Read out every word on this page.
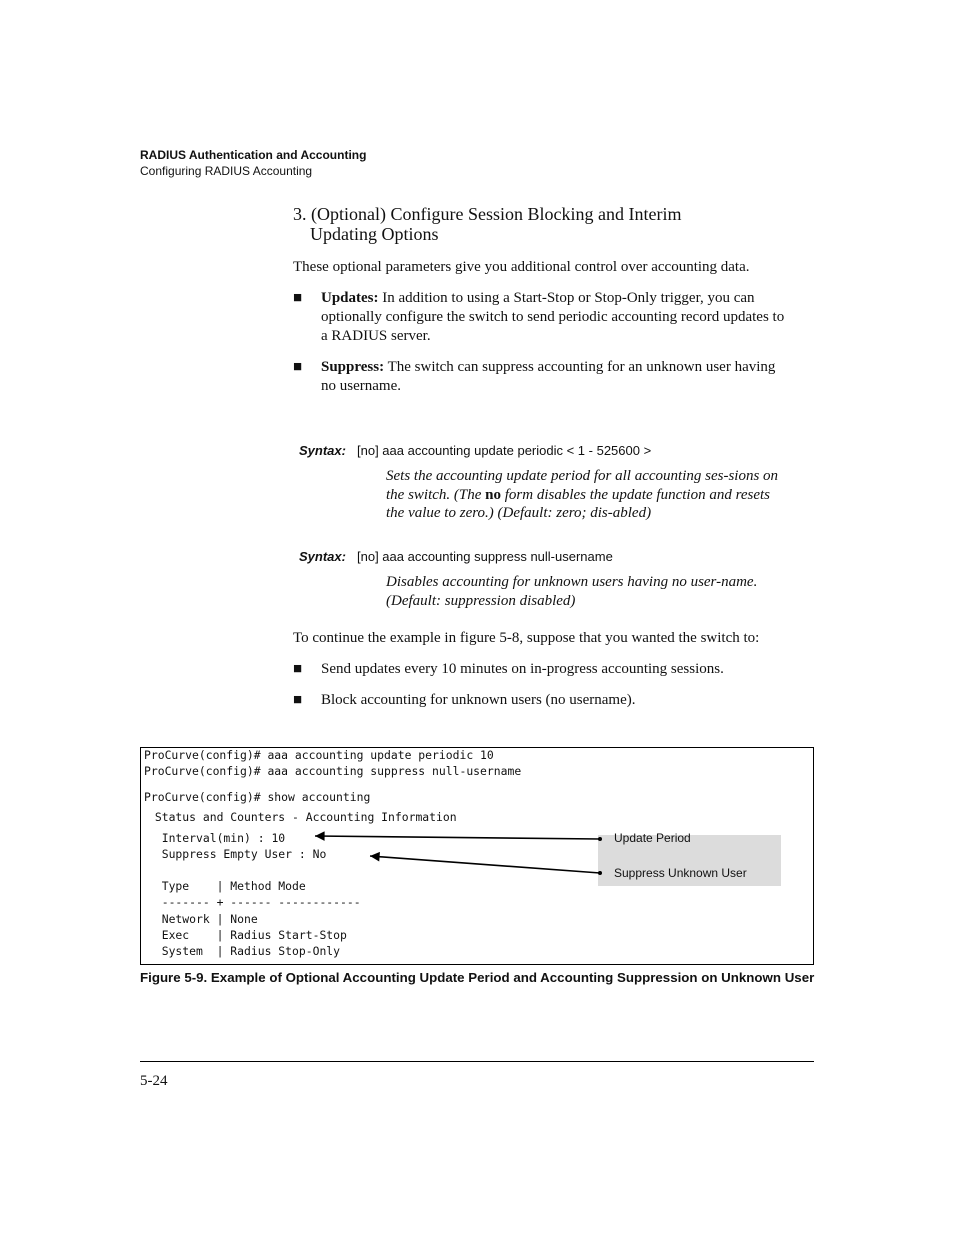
RADIUS Authentication and Accounting
Configuring RADIUS Accounting
3. (Optional) Configure Session Blocking and Interim
Updating Options
These optional parameters give you additional control over accounting data.
■ Updates: In addition to using a Start-Stop or Stop-Only trigger, you can optionally configure the switch to send periodic accounting record updates to a RADIUS server.
■ Suppress: The switch can suppress accounting for an unknown user having no username.
Syntax: [no] aaa accounting update periodic < 1 - 525600 >
Sets the accounting update period for all accounting ses-sions on the switch. (The no form disables the update function and resets the value to zero.) (Default: zero; dis-abled)
Syntax: [no] aaa accounting suppress null-username
Disables accounting for unknown users having no user-name. (Default: suppression disabled)
To continue the example in figure 5-8, suppose that you wanted the switch to:
■ Send updates every 10 minutes on in-progress accounting sessions.
■ Block accounting for unknown users (no username).
ProCurve(config)# aaa accounting update periodic 10
ProCurve(config)# aaa accounting suppress null-username
ProCurve(config)# show accounting
Status and Counters - Accounting Information
Interval(min) : 10
Suppress Empty User : No
Type    | Method Mode
------- + ------ ------------
Network | None
Exec    | Radius Start-Stop
System  | Radius Stop-Only
Update Period
Suppress Unknown User
Figure 5-9. Example of Optional Accounting Update Period and Accounting Suppression on Unknown User
5-24
